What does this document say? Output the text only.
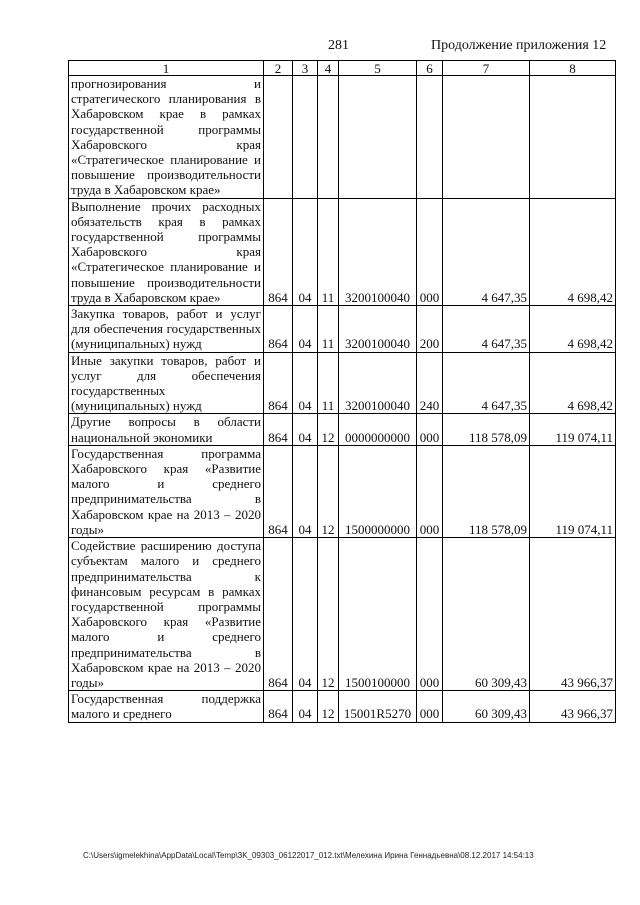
281	Продолжение приложения 12
1	2	3	4	5	6	7	8
прогнозирования и стратегического планирования в Хабаровском крае в рамках государственной программы Хабаровского края «Стратегическое планирование и повышение производительности труда в Хабаровском крае»							
Выполнение прочих расходных обязательств края в рамках государственной программы Хабаровского края «Стратегическое планирование и повышение производительности труда в Хабаровском крае»	864	04	11	3200100040	000	4 647,35	4 698,42
Закупка товаров, работ и услуг для обеспечения государственных (муниципальных) нужд	864	04	11	3200100040	200	4 647,35	4 698,42
Иные закупки товаров, работ и услуг для обеспечения государственных (муниципальных) нужд	864	04	11	3200100040	240	4 647,35	4 698,42
Другие вопросы в области национальной экономики	864	04	12	0000000000	000	118 578,09	119 074,11
Государственная программа Хабаровского края «Развитие малого и среднего предпринимательства в Хабаровском крае на 2013 – 2020 годы»	864	04	12	1500000000	000	118 578,09	119 074,11
Содействие расширению доступа субъектам малого и среднего предпринимательства к финансовым ресурсам в рамках государственной программы Хабаровского края «Развитие малого и среднего предпринимательства в Хабаровском крае на 2013 – 2020 годы»	864	04	12	1500100000	000	60 309,43	43 966,37
Государственная поддержка малого и среднего	864	04	12	15001R5270	000	60 309,43	43 966,37
C:\Users\igmelekhina\AppData\Local\Temp\3K_09303_06122017_012.txt\Мелехина Ирина Геннадьевна\08.12.2017 14:54:13
